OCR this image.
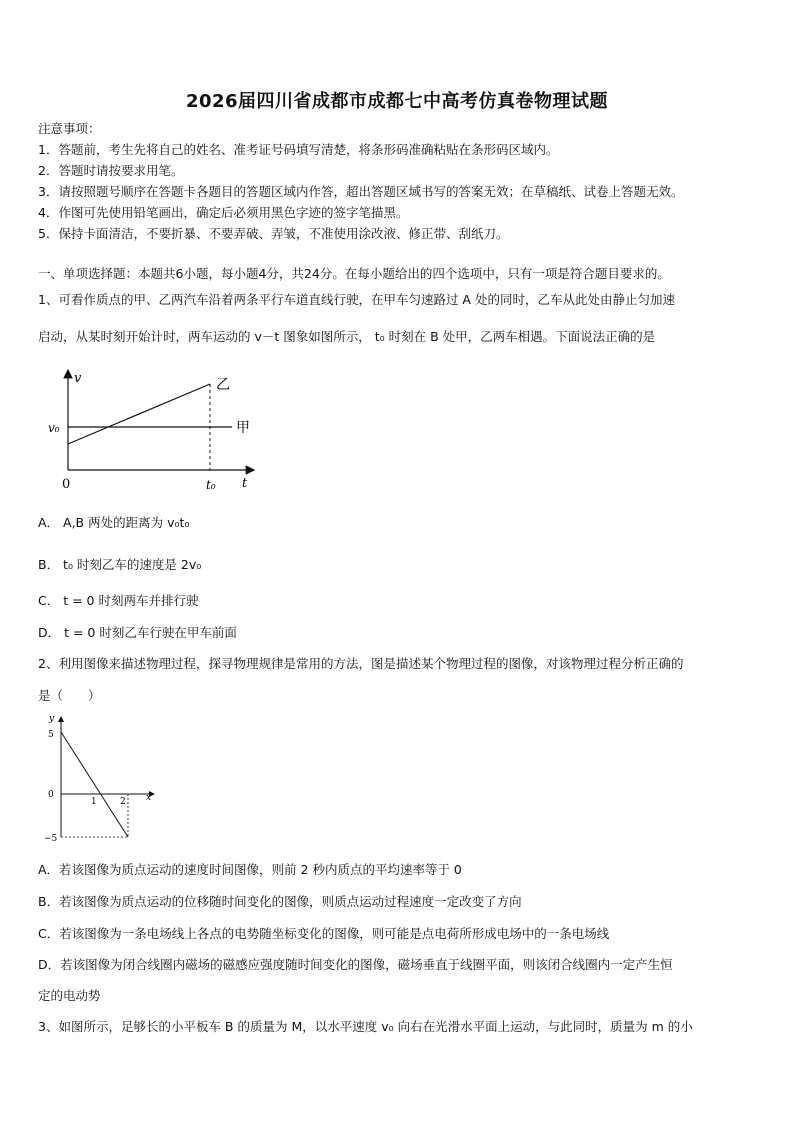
2026届四川省成都市成都七中高考仿真卷物理试题
注意事项：
1．答题前，考生先将自己的姓名、准考证号码填写清楚，将条形码准确粘贴在条形码区域内。
2．答题时请按要求用笔。
3．请按照题号顺序在答题卡各题目的答题区域内作答，超出答题区域书写的答案无效；在草稿纸、试卷上答题无效。
4．作图可先使用铅笔画出，确定后必须用黑色字迹的签字笔描黑。
5．保持卡面清洁，不要折暴、不要弄破、弄皱，不准使用涂改液、修正带、刮纸刀。
一、单项选择题：本题共6小题，每小题4分，共24分。在每小题给出的四个选项中，只有一项是符合题目要求的。
1、可看作质点的甲、乙两汽车沿着两条平行车道直线行驶，在甲车匀速路过 A 处的同时，乙车从此处由静止匀加速
启动，从某时刻开始计时，两车运动的 v－t 图象如图所示， t₀ 时刻在 B 处甲，乙两车相遇。下面说法正确的是
v
t
0
v₀
t₀
乙
甲
A． A,B 两处的距离为 v₀t₀
B． t₀ 时刻乙车的速度是 2v₀
C． t = 0 时刻两车并排行驶
D． t = 0 时刻乙车行驶在甲车前面
2、利用图像来描述物理过程，探寻物理规律是常用的方法，图是描述某个物理过程的图像，对该物理过程分析正确的
是（　　）
y
x
5
0
−5
1	2
A．若该图像为质点运动的速度时间图像，则前 2 秒内质点的平均速率等于 0
B．若该图像为质点运动的位移随时间变化的图像，则质点运动过程速度一定改变了方向
C．若该图像为一条电场线上各点的电势随坐标变化的图像，则可能是点电荷所形成电场中的一条电场线
D．若该图像为闭合线圈内磁场的磁感应强度随时间变化的图像，磁场垂直于线圈平面，则该闭合线圈内一定产生恒
定的电动势
3、如图所示，足够长的小平板车 B 的质量为 M，以水平速度 v₀ 向右在光滑水平面上运动，与此同时，质量为 m 的小
